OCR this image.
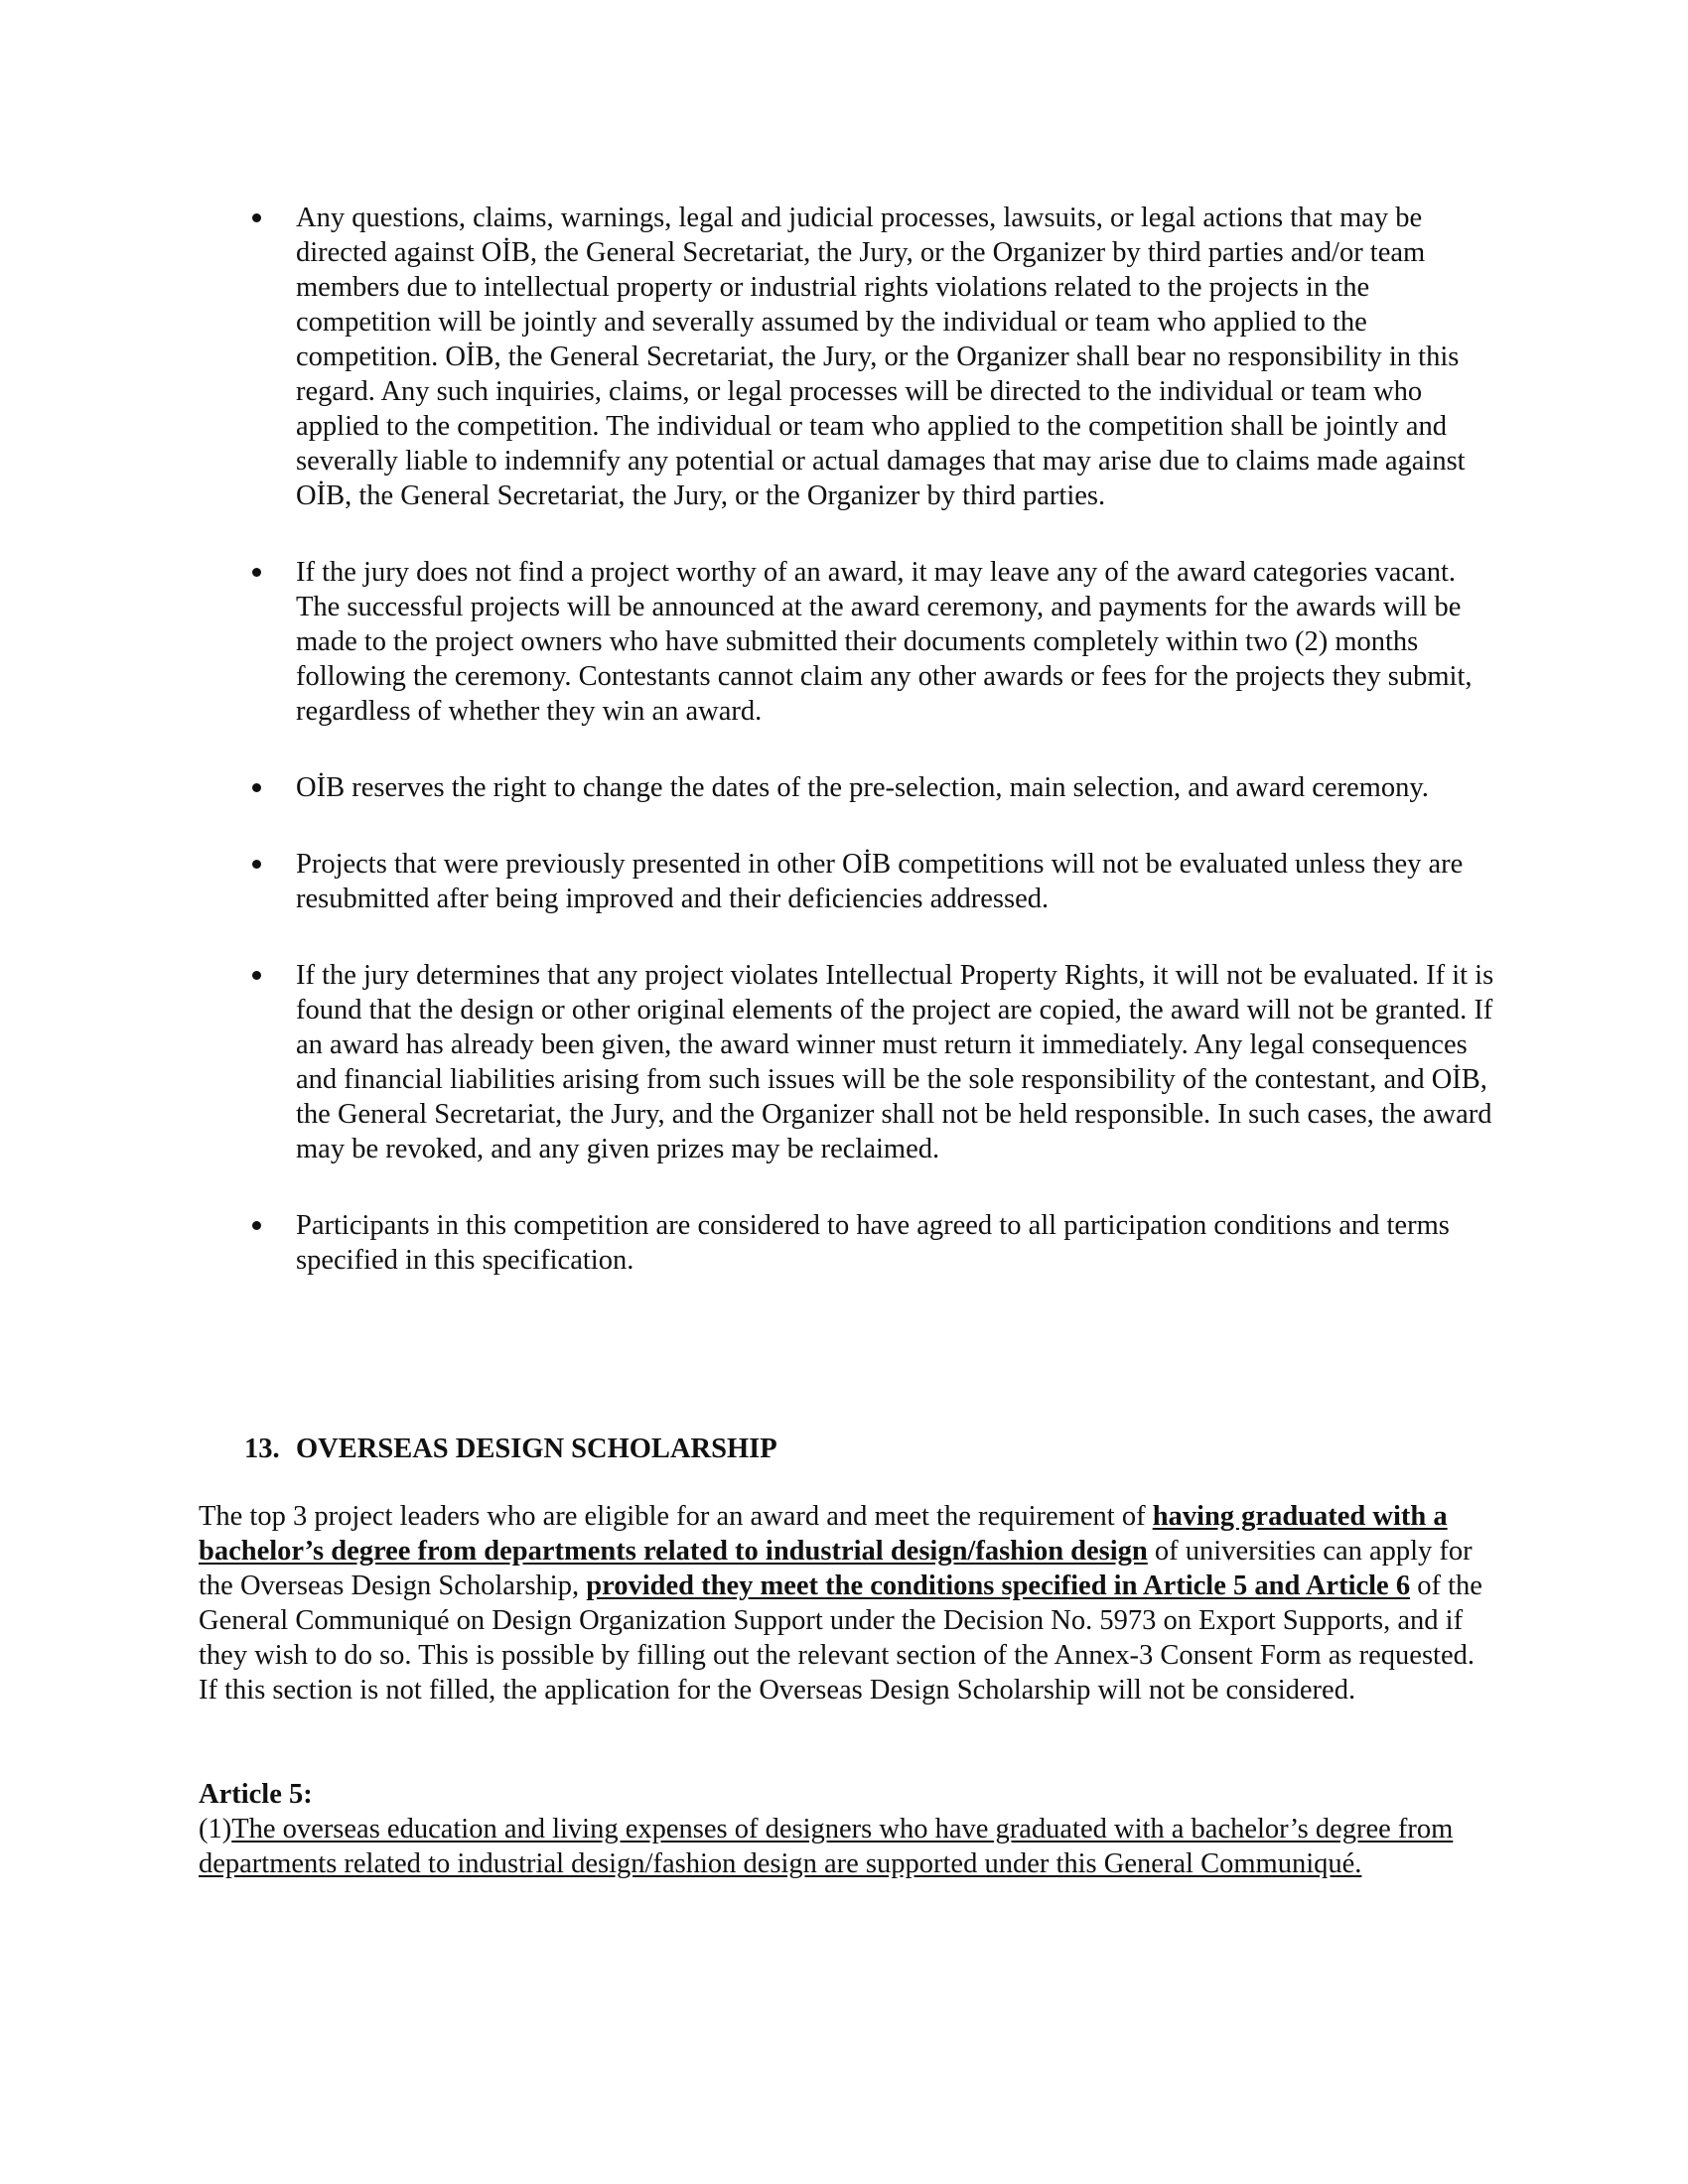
Any questions, claims, warnings, legal and judicial processes, lawsuits, or legal actions that may be directed against OİB, the General Secretariat, the Jury, or the Organizer by third parties and/or team members due to intellectual property or industrial rights violations related to the projects in the competition will be jointly and severally assumed by the individual or team who applied to the competition. OİB, the General Secretariat, the Jury, or the Organizer shall bear no responsibility in this regard. Any such inquiries, claims, or legal processes will be directed to the individual or team who applied to the competition. The individual or team who applied to the competition shall be jointly and severally liable to indemnify any potential or actual damages that may arise due to claims made against OİB, the General Secretariat, the Jury, or the Organizer by third parties.
If the jury does not find a project worthy of an award, it may leave any of the award categories vacant. The successful projects will be announced at the award ceremony, and payments for the awards will be made to the project owners who have submitted their documents completely within two (2) months following the ceremony. Contestants cannot claim any other awards or fees for the projects they submit, regardless of whether they win an award.
OİB reserves the right to change the dates of the pre-selection, main selection, and award ceremony.
Projects that were previously presented in other OİB competitions will not be evaluated unless they are resubmitted after being improved and their deficiencies addressed.
If the jury determines that any project violates Intellectual Property Rights, it will not be evaluated. If it is found that the design or other original elements of the project are copied, the award will not be granted. If an award has already been given, the award winner must return it immediately. Any legal consequences and financial liabilities arising from such issues will be the sole responsibility of the contestant, and OİB, the General Secretariat, the Jury, and the Organizer shall not be held responsible. In such cases, the award may be revoked, and any given prizes may be reclaimed.
Participants in this competition are considered to have agreed to all participation conditions and terms specified in this specification.
13. OVERSEAS DESIGN SCHOLARSHIP

The top 3 project leaders who are eligible for an award and meet the requirement of having graduated with a bachelor’s degree from departments related to industrial design/fashion design of universities can apply for the Overseas Design Scholarship, provided they meet the conditions specified in Article 5 and Article 6 of the General Communiqué on Design Organization Support under the Decision No. 5973 on Export Supports, and if they wish to do so. This is possible by filling out the relevant section of the Annex-3 Consent Form as requested. If this section is not filled, the application for the Overseas Design Scholarship will not be considered.

Article 5:

(1)The overseas education and living expenses of designers who have graduated with a bachelor’s degree from departments related to industrial design/fashion design are supported under this General Communiqué.
